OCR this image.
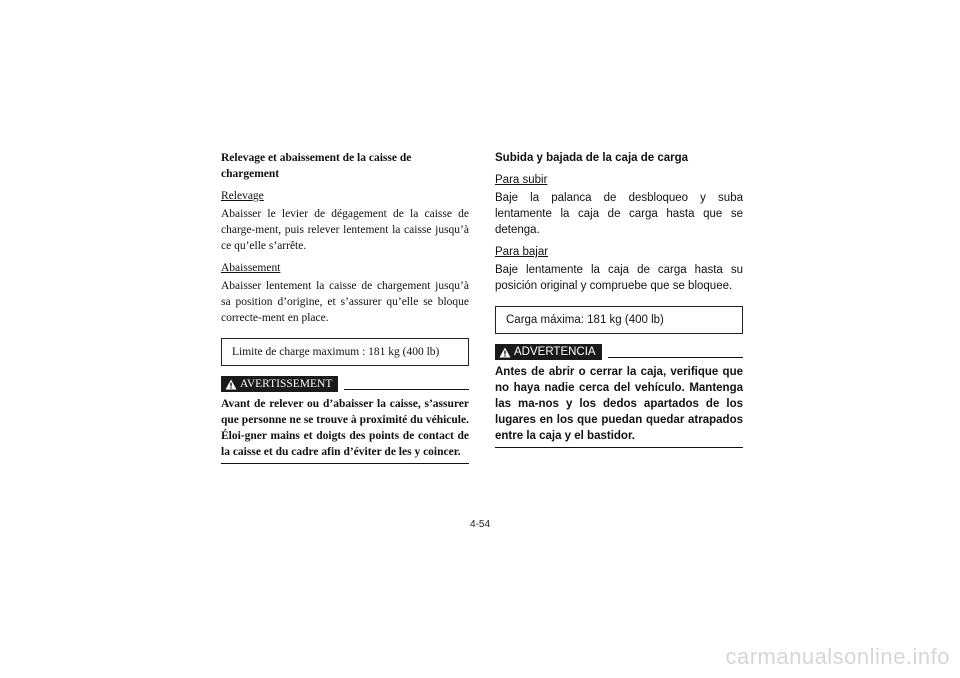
Relevage et abaissement de la caisse de chargement

Relevage

Abaisser le levier de dégagement de la caisse de charge-ment, puis relever lentement la caisse jusqu’à ce qu’elle s’arrête.

Abaissement

Abaisser lentement la caisse de chargement jusqu’à sa position d’origine, et s’assurer qu’elle se bloque correcte-ment en place.

Limite de charge maximum : 181 kg (400 lb)
AVERTISSEMENT

Avant de relever ou d’abaisser la caisse, s’assurer que personne ne se trouve à proximité du véhicule. Éloi-gner mains et doigts des points de contact de la caisse et du cadre afin d’éviter de les y coincer.

Subida y bajada de la caja de carga

Para subir

Baje la palanca de desbloqueo y suba lentamente la caja de carga hasta que se detenga.

Para bajar

Baje lentamente la caja de carga hasta su posición original y compruebe que se bloquee.

Carga máxima: 181 kg (400 lb)
ADVERTENCIA

Antes de abrir o cerrar la caja, verifique que no haya nadie cerca del vehículo. Mantenga las ma-nos y los dedos apartados de los lugares en los que puedan quedar atrapados entre la caja y el bastidor.

4-54
carmanualsonline.info
